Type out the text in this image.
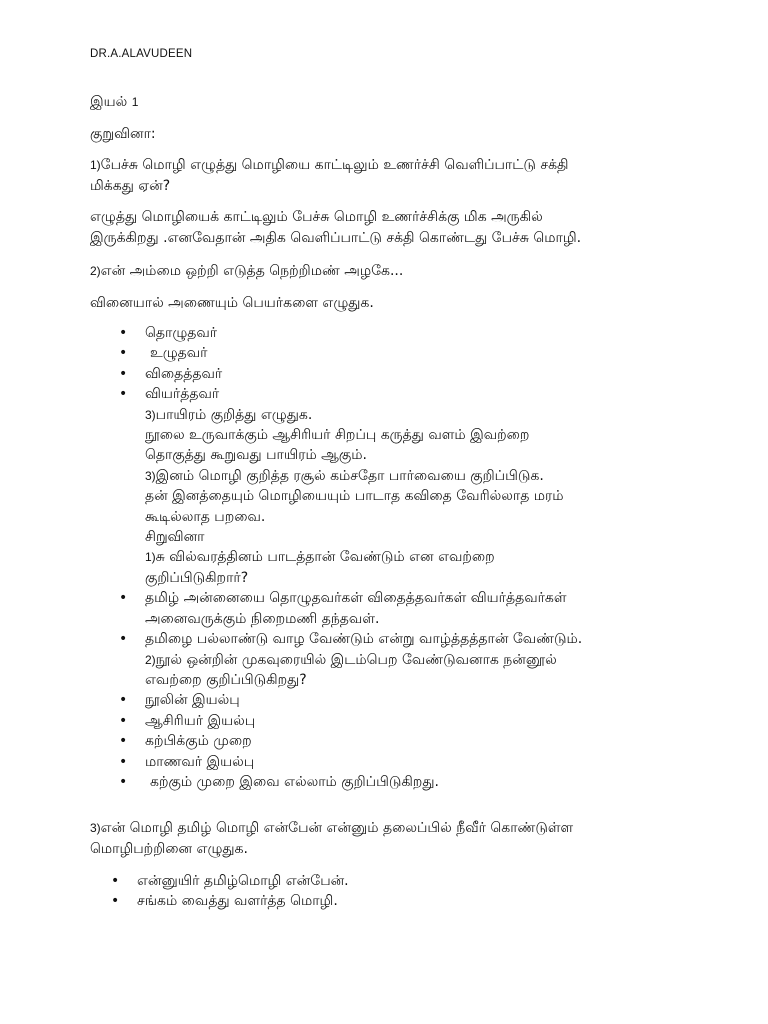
DR.A.ALAVUDEEN

இயல் 1

குறுவினா:

1)பேச்சு மொழி எழுத்து மொழியை காட்டிலும் உணர்ச்சி வெளிப்பாட்டு சக்தி
மிக்கது ஏன்?

எழுத்து மொழியைக் காட்டிலும் பேச்சு மொழி உணர்ச்சிக்கு மிக அருகில்
இருக்கிறது .எனவேதான் அதிக வெளிப்பாட்டு சக்தி கொண்டது பேச்சு மொழி.

2)என் அம்மை ஒற்றி எடுத்த நெற்றிமண் அழகே...

வினையால் அணையும் பெயர்களை எழுதுக.

• தொழுதவர்
• உழுதவர்
• விதைத்தவர்
• வியர்த்தவர்
3)பாயிரம் குறித்து எழுதுக.
நூலை உருவாக்கும் ஆசிரியர் சிறப்பு கருத்து வளம் இவற்றை
தொகுத்து கூறுவது பாயிரம் ஆகும்.
3)இனம் மொழி குறித்த ரசூல் கம்சதோ பார்வையை குறிப்பிடுக.
தன் இனத்தையும் மொழியையும் பாடாத கவிதை வேரில்லாத மரம்
கூடில்லாத பறவை.
சிறுவினா
1)சு வில்வரத்தினம் பாடத்தான் வேண்டும் என எவற்றை
குறிப்பிடுகிறார்?
• தமிழ் அன்னையை தொழுதவர்கள் விதைத்தவர்கள் வியர்த்தவர்கள்
அனைவருக்கும் நிறைமணி தந்தவள்.
• தமிழை பல்லாண்டு வாழ வேண்டும் என்று வாழ்த்தத்தான் வேண்டும்.
2)நூல் ஒன்றின் முகவுரையில் இடம்பெற வேண்டுவனாக நன்னூல்
எவற்றை குறிப்பிடுகிறது?
• நூலின் இயல்பு
• ஆசிரியர் இயல்பு
• கற்பிக்கும் முறை
• மாணவர் இயல்பு
• கற்கும் முறை இவை எல்லாம் குறிப்பிடுகிறது.

3)என் மொழி தமிழ் மொழி என்பேன் என்னும் தலைப்பில் நீவீர் கொண்டுள்ள
மொழிபற்றினை எழுதுக.

• என்னுயிர் தமிழ்மொழி என்பேன்.
• சங்கம் வைத்து வளர்த்த மொழி.
